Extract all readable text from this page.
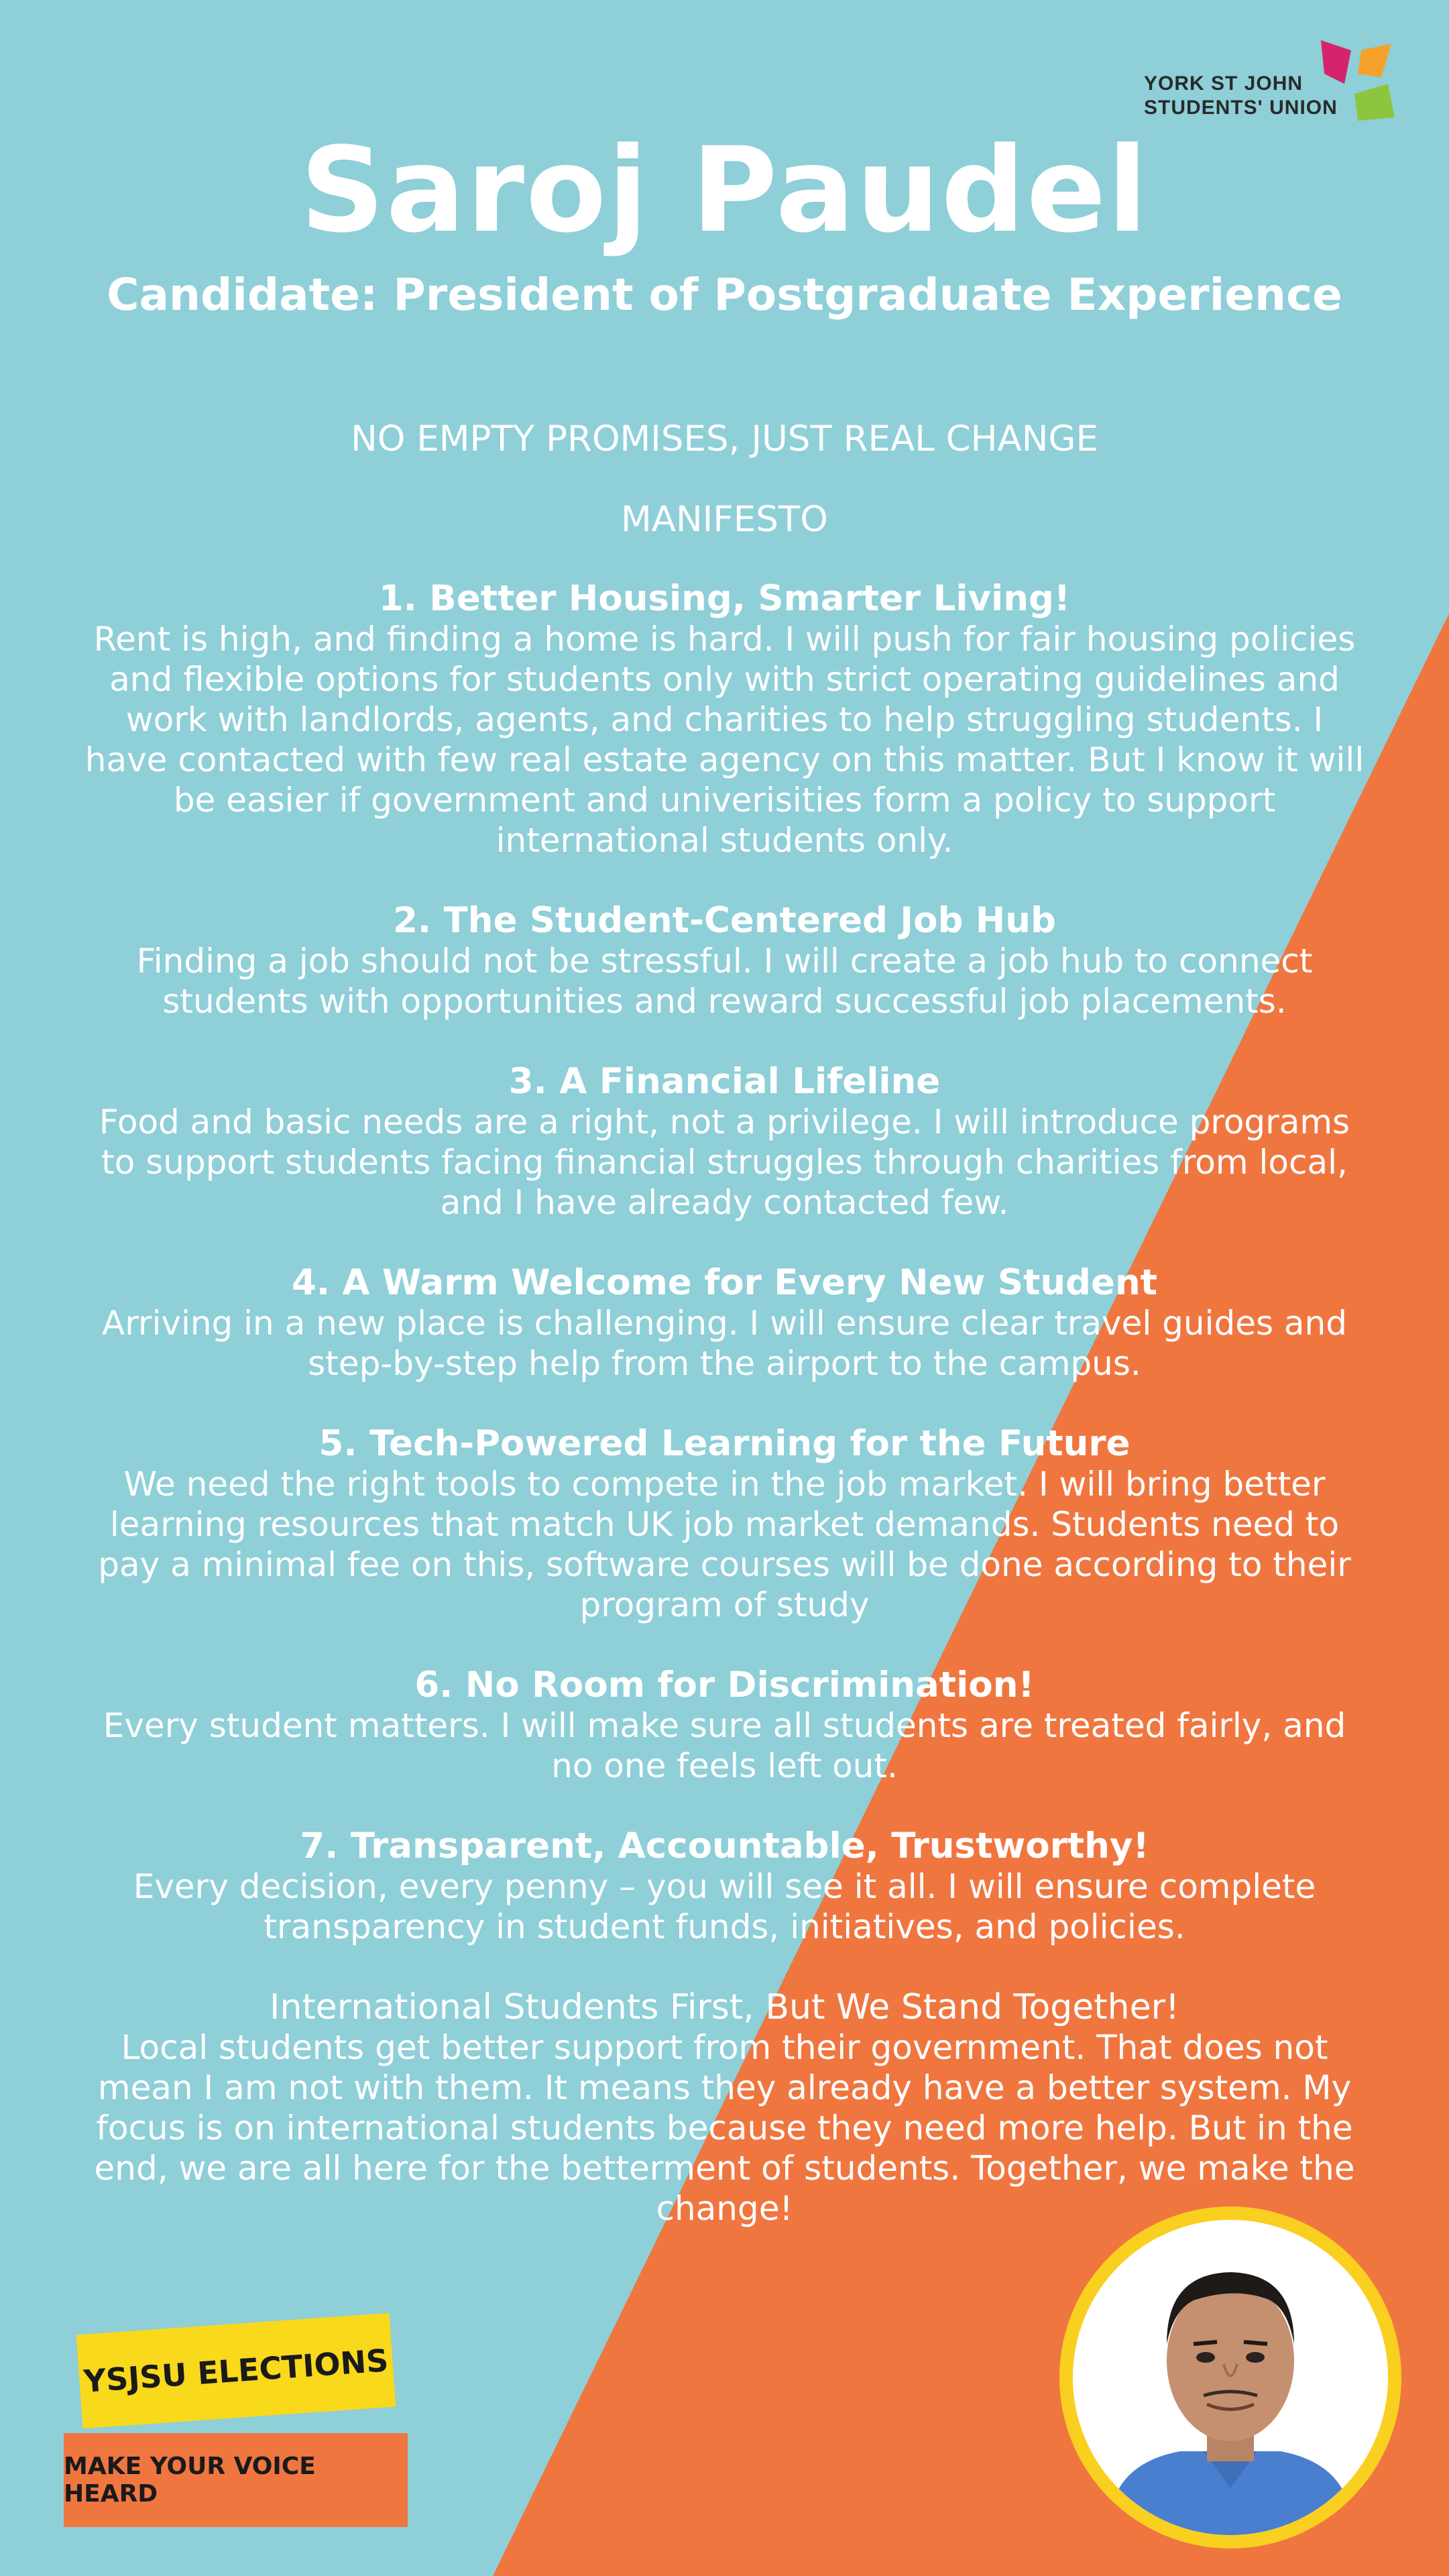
YORK ST JOHN
STUDENTS' UNION
Saroj Paudel
Candidate: President of Postgraduate Experience
NO EMPTY PROMISES, JUST REAL CHANGE
MANIFESTO
1. Better Housing, Smarter Living!
Rent is high, and finding a home is hard. I will push for fair housing policies and flexible options for students only with strict operating guidelines and work with landlords, agents, and charities to help struggling students. I have contacted with few real estate agency on this matter. But I know it will be easier if government and univerisities form a policy to support international students only.
2. The Student-Centered Job Hub
Finding a job should not be stressful. I will create a job hub to connect students with opportunities and reward successful job placements.
3. A Financial Lifeline
Food and basic needs are a right, not a privilege. I will introduce programs to support students facing financial struggles through charities from local, and I have already contacted few.
4. A Warm Welcome for Every New Student
Arriving in a new place is challenging. I will ensure clear travel guides and step-by-step help from the airport to the campus.
5. Tech-Powered Learning for the Future
We need the right tools to compete in the job market. I will bring better learning resources that match UK job market demands. Students need to pay a minimal fee on this, software courses will be done according to their program of study
6. No Room for Discrimination!
Every student matters. I will make sure all students are treated fairly, and no one feels left out.
7. Transparent, Accountable, Trustworthy!
Every decision, every penny – you will see it all. I will ensure complete transparency in student funds, initiatives, and policies.
International Students First, But We Stand Together!
Local students get better support from their government. That does not mean I am not with them. It means they already have a better system. My focus is on international students because they need more help. But in the end, we are all here for the betterment of students. Together, we make the change!
YSJSU ELECTIONS
MAKE YOUR VOICE HEARD
